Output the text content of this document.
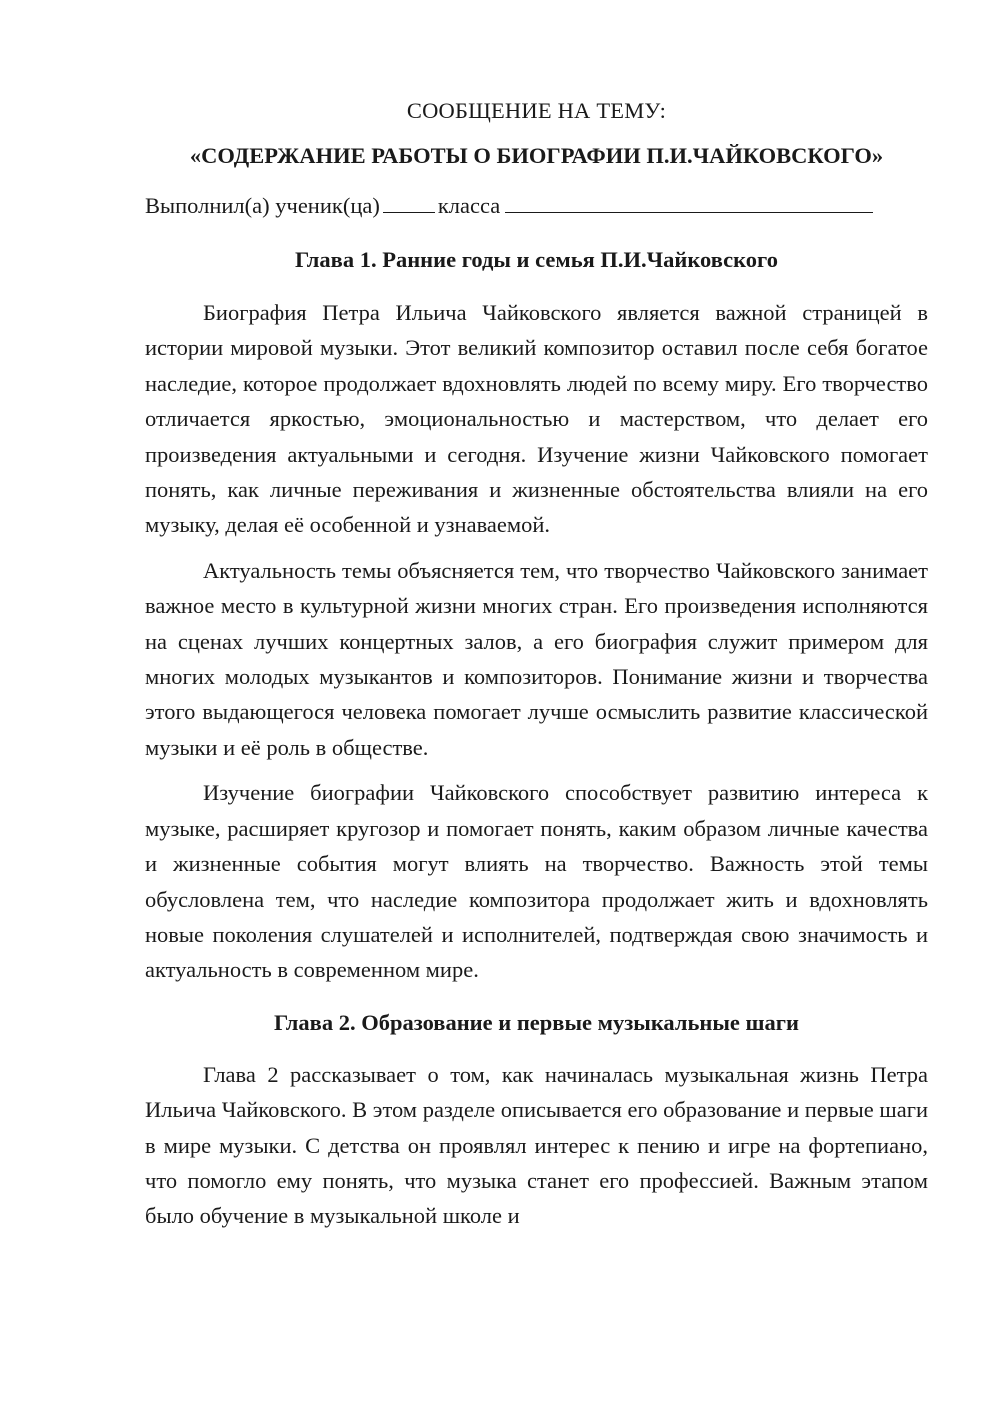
СООБЩЕНИЕ НА ТЕМУ:

«СОДЕРЖАНИЕ РАБОТЫ О БИОГРАФИИ П.И.ЧАЙКОВСКОГО»

Выполнил(а) ученик(ца)	класса

Глава 1. Ранние годы и семья П.И.Чайковского

Биография Петра Ильича Чайковского является важной страницей в истории мировой музыки. Этот великий композитор оставил после себя богатое наследие, которое продолжает вдохновлять людей по всему миру. Его творчество отличается яркостью, эмоциональностью и мастерством, что делает его произведения актуальными и сегодня. Изучение жизни Чайковского помогает понять, как личные переживания и жизненные обстоятельства влияли на его музыку, делая её особенной и узнаваемой.

Актуальность темы объясняется тем, что творчество Чайковского занимает важное место в культурной жизни многих стран. Его произведения исполняются на сценах лучших концертных залов, а его биография служит примером для многих молодых музыкантов и композиторов. Понимание жизни и творчества этого выдающегося человека помогает лучше осмыслить развитие классической музыки и её роль в обществе.

Изучение биографии Чайковского способствует развитию интереса к музыке, расширяет кругозор и помогает понять, каким образом личные качества и жизненные события могут влиять на творчество. Важность этой темы обусловлена тем, что наследие композитора продолжает жить и вдохновлять новые поколения слушателей и исполнителей, подтверждая свою значимость и актуальность в современном мире.

Глава 2. Образование и первые музыкальные шаги

Глава 2 рассказывает о том, как начиналась музыкальная жизнь Петра Ильича Чайковского. В этом разделе описывается его образование и первые шаги в мире музыки. С детства он проявлял интерес к пению и игре на фортепиано, что помогло ему понять, что музыка станет его профессией. Важным этапом было обучение в музыкальной школе и
